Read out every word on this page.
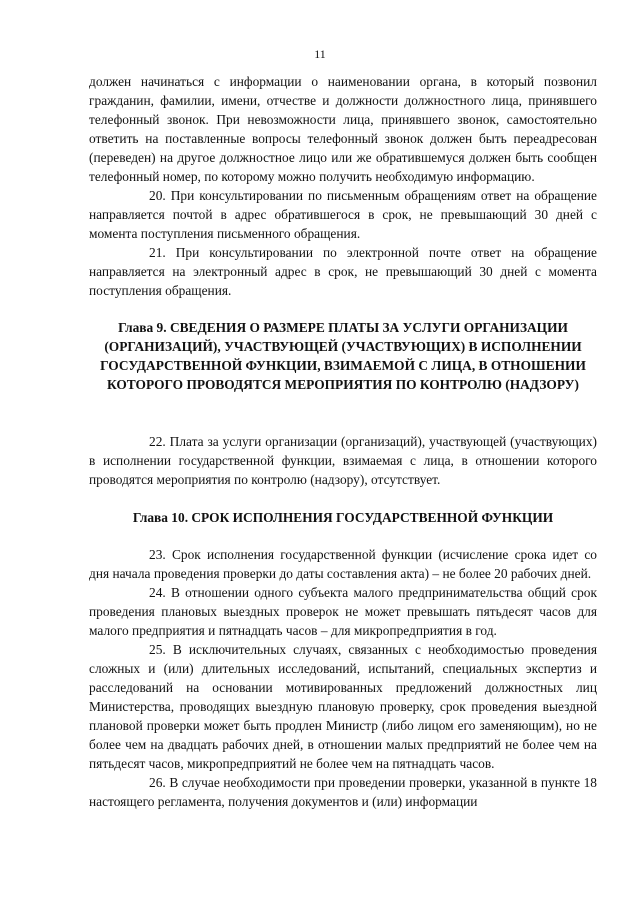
11

должен начинаться с информации о наименовании органа, в который позвонил гражданин, фамилии, имени, отчестве и должности должностного лица, принявшего телефонный звонок. При невозможности лица, принявшего звонок, самостоятельно ответить на поставленные вопросы телефонный звонок должен быть переадресован (переведен) на другое должностное лицо или же обратившемуся должен быть сообщен телефонный номер, по которому можно получить необходимую информацию.

20. При консультировании по письменным обращениям ответ на обращение направляется почтой в адрес обратившегося в срок, не превышающий 30 дней с момента поступления письменного обращения.

21. При консультировании по электронной почте ответ на обращение направляется на электронный адрес в срок, не превышающий 30 дней с момента поступления обращения.

Глава 9. СВЕДЕНИЯ О РАЗМЕРЕ ПЛАТЫ ЗА УСЛУГИ ОРГАНИЗАЦИИ (ОРГАНИЗАЦИЙ), УЧАСТВУЮЩЕЙ (УЧАСТВУЮЩИХ) В ИСПОЛНЕНИИ ГОСУДАРСТВЕННОЙ ФУНКЦИИ, ВЗИМАЕМОЙ С ЛИЦА, В ОТНОШЕНИИ КОТОРОГО ПРОВОДЯТСЯ МЕРОПРИЯТИЯ ПО КОНТРОЛЮ (НАДЗОРУ)

22. Плата за услуги организации (организаций), участвующей (участвующих) в исполнении государственной функции, взимаемая с лица, в отношении которого проводятся мероприятия по контролю (надзору), отсутствует.

Глава 10. СРОК ИСПОЛНЕНИЯ ГОСУДАРСТВЕННОЙ ФУНКЦИИ

23. Срок исполнения государственной функции (исчисление срока идет со дня начала проведения проверки до даты составления акта) – не более 20 рабочих дней.

24. В отношении одного субъекта малого предпринимательства общий срок проведения плановых выездных проверок не может превышать пятьдесят часов для малого предприятия и пятнадцать часов – для микропредприятия в год.

25. В исключительных случаях, связанных с необходимостью проведения сложных и (или) длительных исследований, испытаний, специальных экспертиз и расследований на основании мотивированных предложений должностных лиц Министерства, проводящих выездную плановую проверку, срок проведения выездной плановой проверки может быть продлен Министр (либо лицом его заменяющим), но не более чем на двадцать рабочих дней, в отношении малых предприятий не более чем на пятьдесят часов, микропредприятий не более чем на пятнадцать часов.

26. В случае необходимости при проведении проверки, указанной в пункте 18 настоящего регламента, получения документов и (или) информации
